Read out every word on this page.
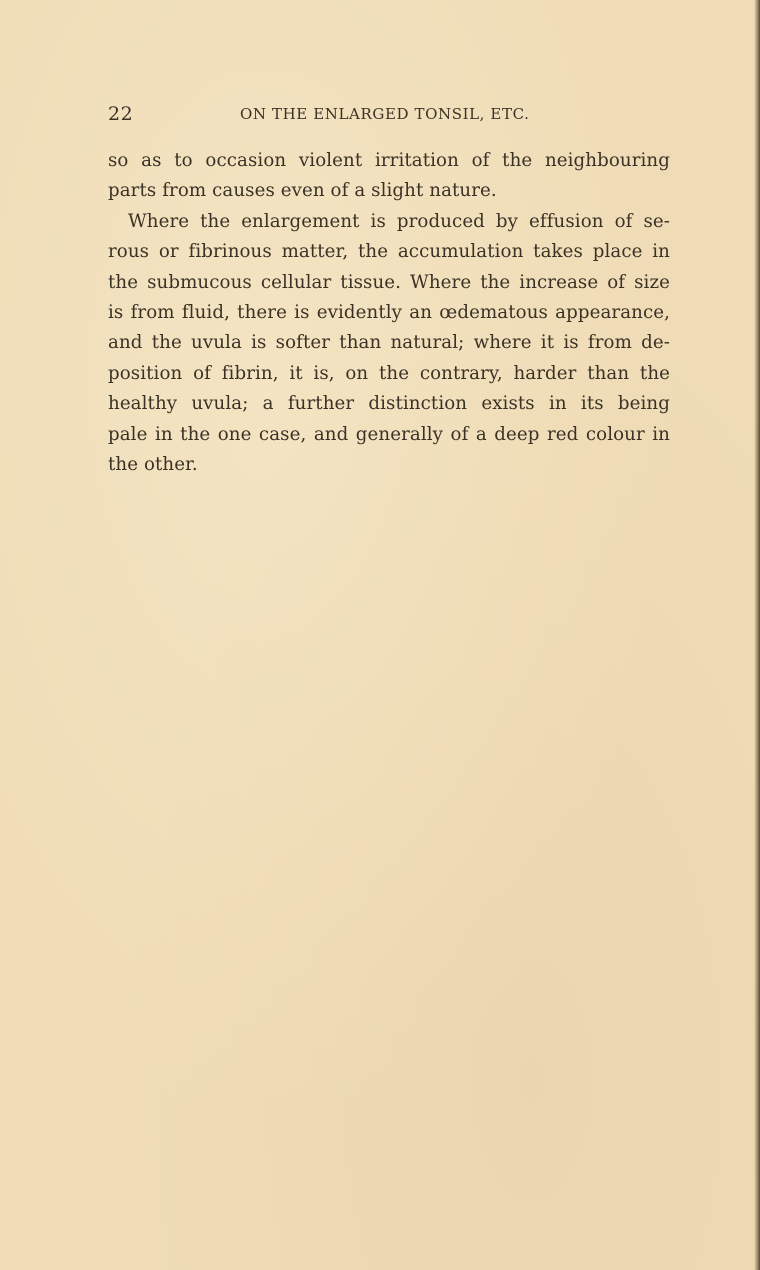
22	ON THE ENLARGED TONSIL, ETC.
so as to occasion violent irritation of the neighbouring
parts from causes even of a slight nature.
Where the enlargement is produced by effusion of se-
rous or fibrinous matter, the accumulation takes place in
the submucous cellular tissue. Where the increase of size
is from fluid, there is evidently an œdematous appearance,
and the uvula is softer than natural; where it is from de-
position of fibrin, it is, on the contrary, harder than the
healthy uvula; a further distinction exists in its being
pale in the one case, and generally of a deep red colour in
the other.
